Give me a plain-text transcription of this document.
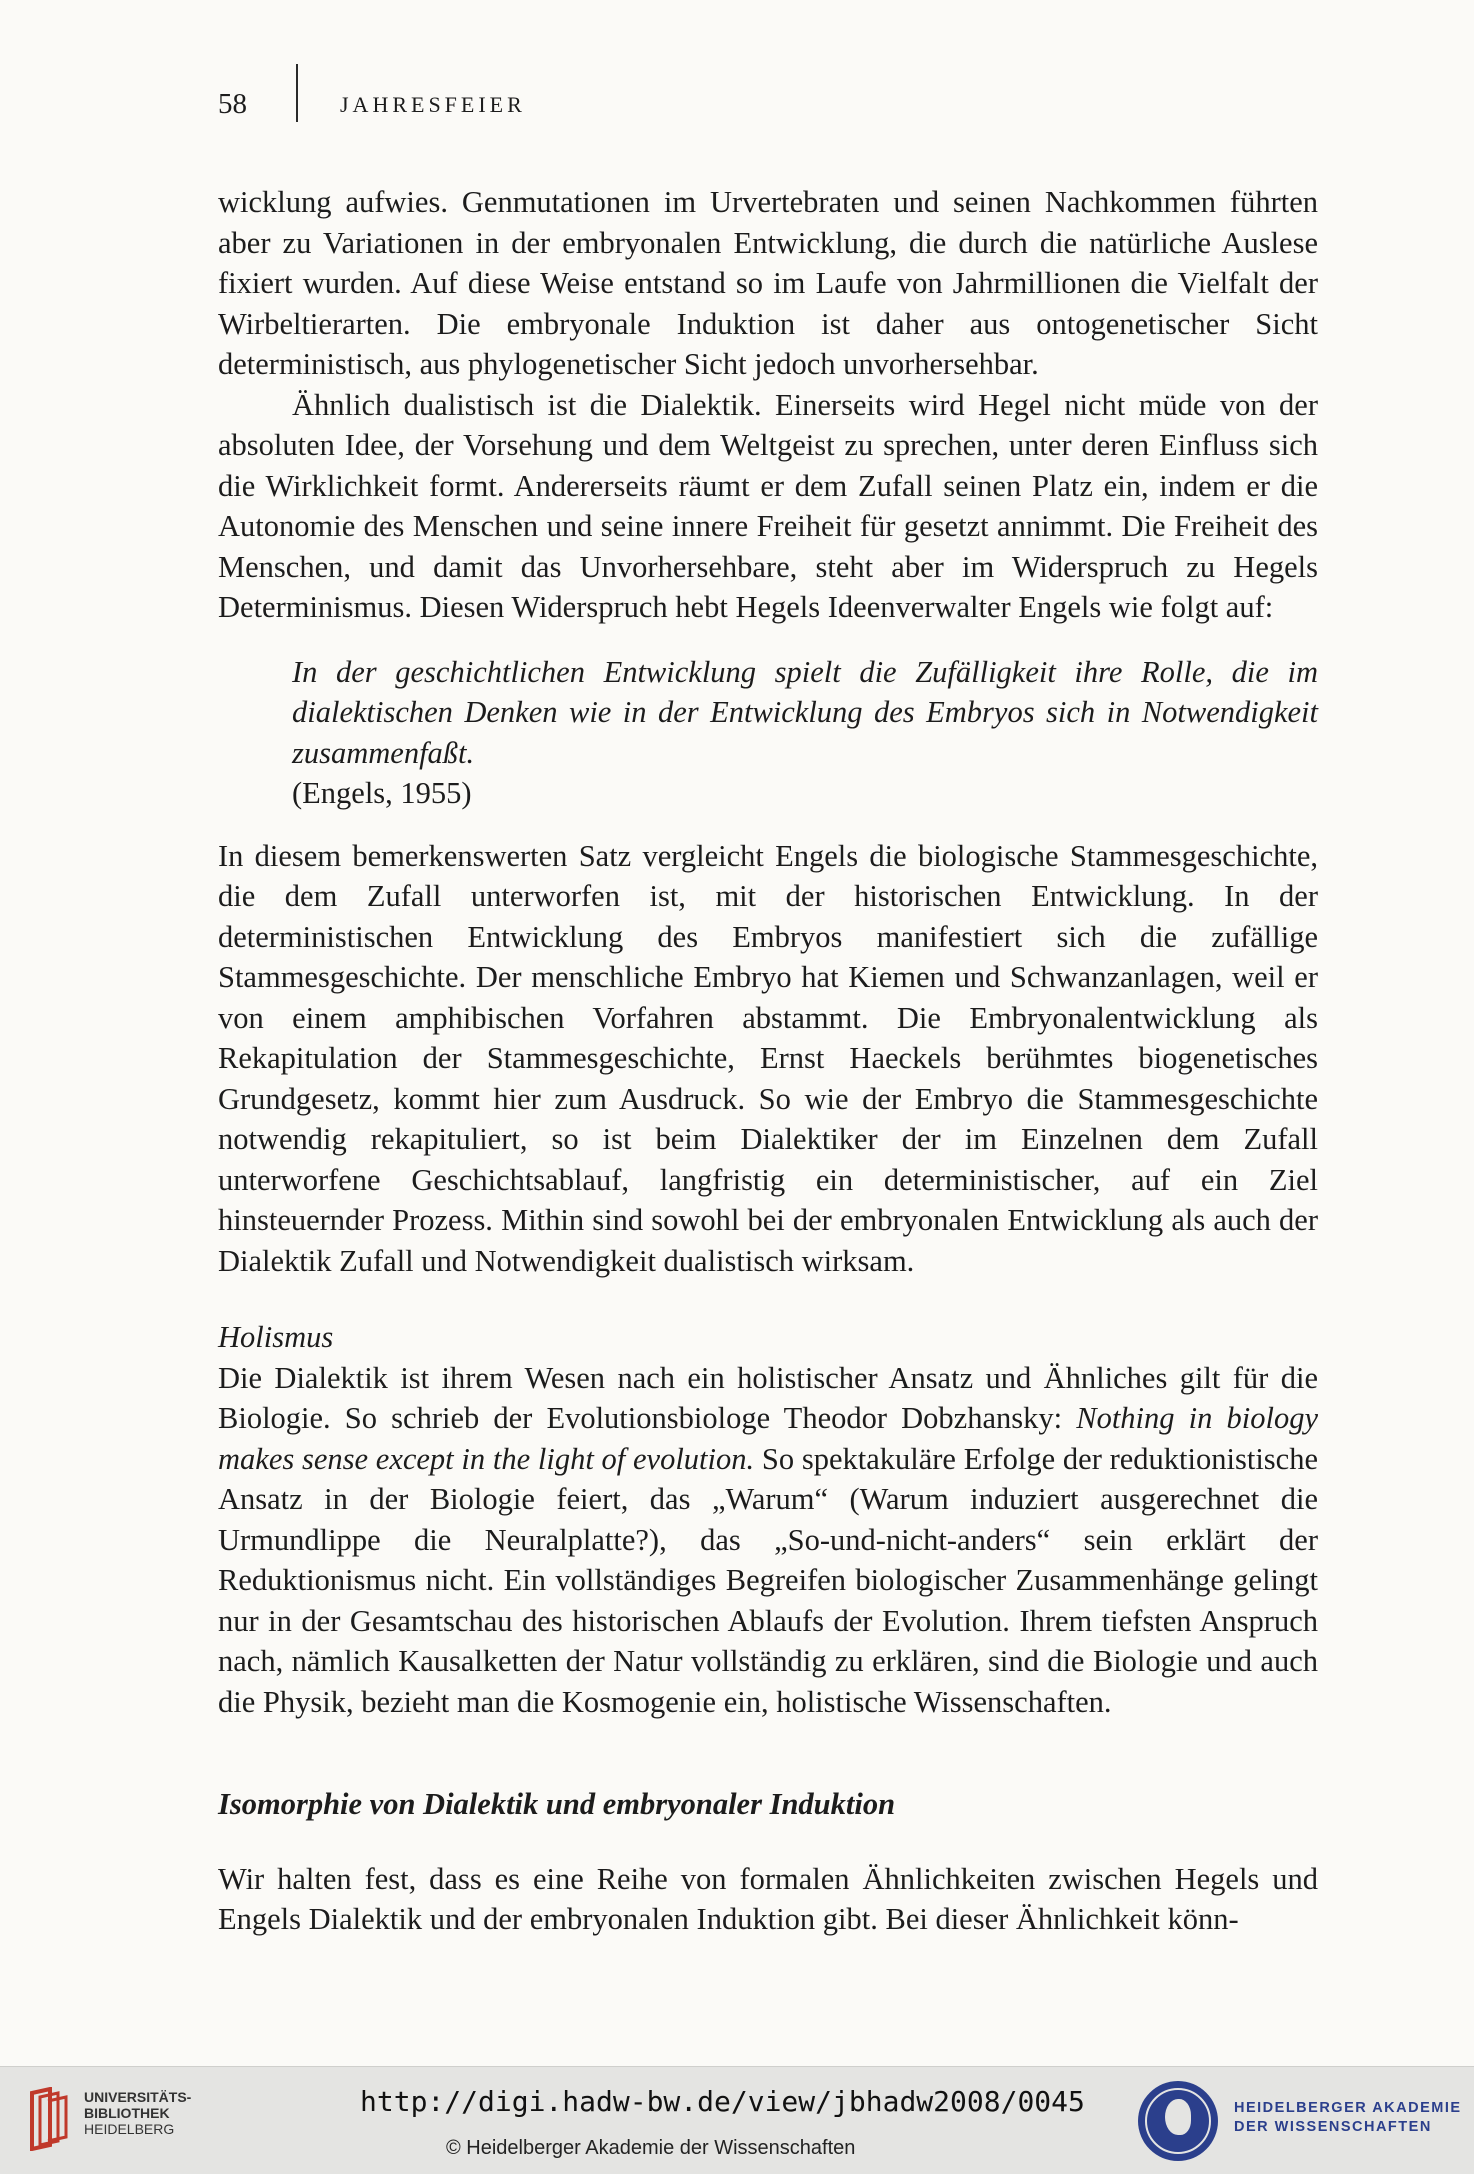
58	JAHRESFEIER

wicklung aufwies. Genmutationen im Urvertebraten und seinen Nachkommen führten aber zu Variationen in der embryonalen Entwicklung, die durch die natürliche Auslese fixiert wurden. Auf diese Weise entstand so im Laufe von Jahrmillionen die Vielfalt der Wirbeltierarten. Die embryonale Induktion ist daher aus ontogenetischer Sicht deterministisch, aus phylogenetischer Sicht jedoch unvorhersehbar.

Ähnlich dualistisch ist die Dialektik. Einerseits wird Hegel nicht müde von der absoluten Idee, der Vorsehung und dem Weltgeist zu sprechen, unter deren Einfluss sich die Wirklichkeit formt. Andererseits räumt er dem Zufall seinen Platz ein, indem er die Autonomie des Menschen und seine innere Freiheit für gesetzt annimmt. Die Freiheit des Menschen, und damit das Unvorhersehbare, steht aber im Widerspruch zu Hegels Determinismus. Diesen Widerspruch hebt Hegels Ideenverwalter Engels wie folgt auf:

In der geschichtlichen Entwicklung spielt die Zufälligkeit ihre Rolle, die im dialektischen Denken wie in der Entwicklung des Embryos sich in Notwendigkeit zusammenfaßt.
(Engels, 1955)

In diesem bemerkenswerten Satz vergleicht Engels die biologische Stammesgeschichte, die dem Zufall unterworfen ist, mit der historischen Entwicklung. In der deterministischen Entwicklung des Embryos manifestiert sich die zufällige Stammesgeschichte. Der menschliche Embryo hat Kiemen und Schwanzanlagen, weil er von einem amphibischen Vorfahren abstammt. Die Embryonalentwicklung als Rekapitulation der Stammesgeschichte, Ernst Haeckels berühmtes biogenetisches Grundgesetz, kommt hier zum Ausdruck. So wie der Embryo die Stammesgeschichte notwendig rekapituliert, so ist beim Dialektiker der im Einzelnen dem Zufall unterworfene Geschichtsablauf, langfristig ein deterministischer, auf ein Ziel hinsteuernder Prozess. Mithin sind sowohl bei der embryonalen Entwicklung als auch der Dialektik Zufall und Notwendigkeit dualistisch wirksam.

Holismus

Die Dialektik ist ihrem Wesen nach ein holistischer Ansatz und Ähnliches gilt für die Biologie. So schrieb der Evolutionsbiologe Theodor Dobzhansky: Nothing in biology makes sense except in the light of evolution. So spektakuläre Erfolge der reduktionistische Ansatz in der Biologie feiert, das „Warum“ (Warum induziert ausgerechnet die Urmundlippe die Neuralplatte?), das „So-und-nicht-anders“ sein erklärt der Reduktionismus nicht. Ein vollständiges Begreifen biologischer Zusammenhänge gelingt nur in der Gesamtschau des historischen Ablaufs der Evolution. Ihrem tiefsten Anspruch nach, nämlich Kausalketten der Natur vollständig zu erklären, sind die Biologie und auch die Physik, bezieht man die Kosmogenie ein, holistische Wissenschaften.

Isomorphie von Dialektik und embryonaler Induktion

Wir halten fest, dass es eine Reihe von formalen Ähnlichkeiten zwischen Hegels und Engels Dialektik und der embryonalen Induktion gibt. Bei dieser Ähnlichkeit könn-

UNIVERSITÄTS-
BIBLIOTHEK
HEIDELBERG
http://digi.hadw-bw.de/view/jbhadw2008/0045
© Heidelberger Akademie der Wissenschaften
HEIDELBERGER AKADEMIE
DER WISSENSCHAFTEN
